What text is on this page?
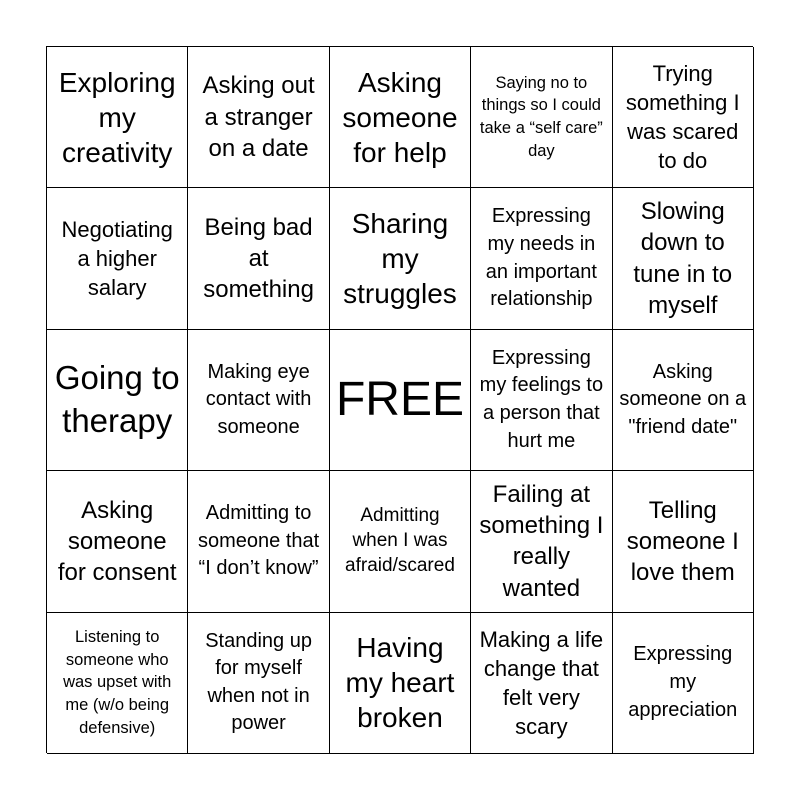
Exploring my creativity
Asking out a stranger on a date
Asking someone for help
Saying no to things so I could take a “self care” day
Trying something I was scared to do
Negotiating a higher salary
Being bad at something
Sharing my struggles
Expressing my needs in an important relationship
Slowing down to tune in to myself
Going to therapy
Making eye contact with someone
FREE
Expressing my feelings to a person that hurt me
Asking someone on a "friend date"
Asking someone for consent
Admitting to someone that “I don’t know”
Admitting when I was afraid/scared
Failing at something I really wanted
Telling someone I love them
Listening to someone who was upset with me (w/o being defensive)
Standing up for myself when not in power
Having my heart broken
Making a life change that felt very scary
Expressing my appreciation
